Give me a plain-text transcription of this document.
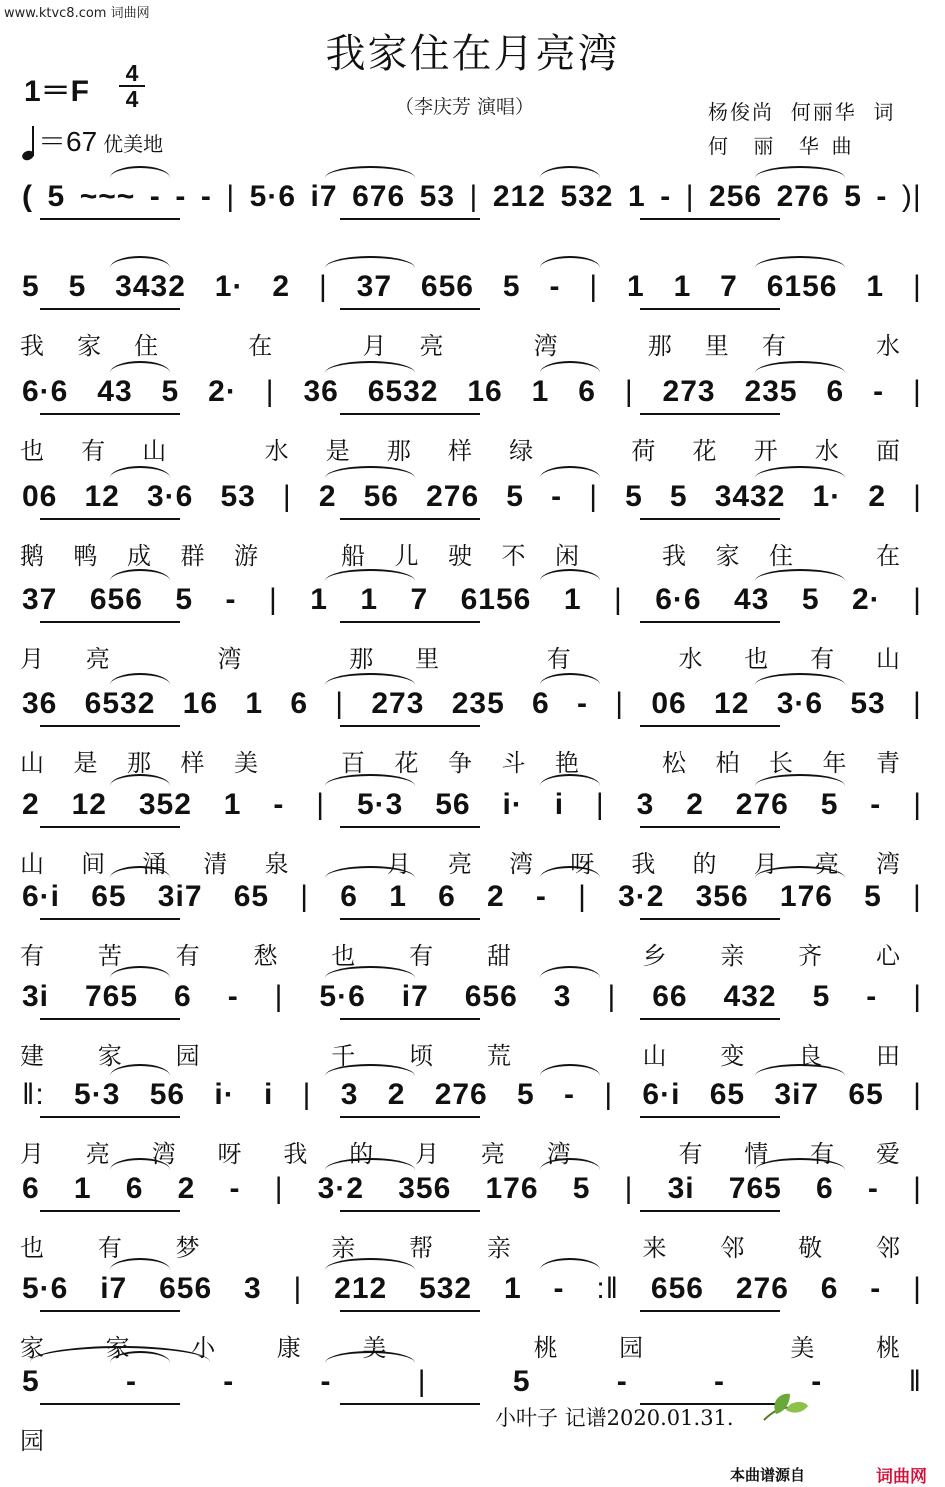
www.ktvc8.com 词曲网
我家住在月亮湾
（李庆芳 演唱）
1＝F
4
4
＝67 优美地
杨俊尚  何丽华  词
何    丽    华  曲
( 5 ~~~ - - - | 5·6 i7 676 53 | 212 532 1 - | 256 276 5 - )|
5 5 3432 1· 2 | 37 656 5 - | 1 1 7 6156 1 |
我 家 住	在	月 亮	湾	那 里 有	水
6·6 43 5 2· | 36 6532 16 1 6 | 273 235 6 - |
也 有 山	水 是 那 样 绿	荷 花 开 水 面
06 12 3·6 53 | 2 56 276 5 - | 5 5 3432 1· 2 |
鹅 鸭 成 群 游	船 儿 驶 不 闲	我 家 住	在
37 656 5 - | 1 1 7 6156 1 | 6·6 43 5 2· |
月 亮	湾	那 里	有	水 也 有 山
36 6532 16 1 6 | 273 235 6 - | 06 12 3·6 53 |
山 是 那 样 美	百 花 争 斗 艳	松 柏 长 年 青
2 12 352 1 - | 5·3 56 i· i | 3 2 276 5 - |
山 间 涌 清 泉	月 亮 湾 呀 我 的 月 亮 湾
6·i 65 3i7 65 | 6 1 6 2 - | 3·2 356 176 5 |
有 苦 有 愁 也 有 甜	乡 亲 齐 心
3i 765 6 - | 5·6 i7 656 3 | 66 432 5 - |
建 家 园	千 顷 荒	山 变 良 田
‖: 5·3 56 i· i | 3 2 276 5 - | 6·i 65 3i7 65 |
月 亮 湾 呀 我 的 月 亮 湾	有 情 有 爱
6 1 6 2 - | 3·2 356 176 5 | 3i 765 6 - |
也 有 梦	亲 帮 亲	来 邻 敬 邻
5·6 i7 656 3 | 212 532 1 - :‖ 656 276 6 - |
家	家	小	康	美	桃	园	美	桃
5	-	-	-	|	5	-	-	-	‖
园
小叶子 记谱2020.01.31.
本曲谱源自	词曲网
